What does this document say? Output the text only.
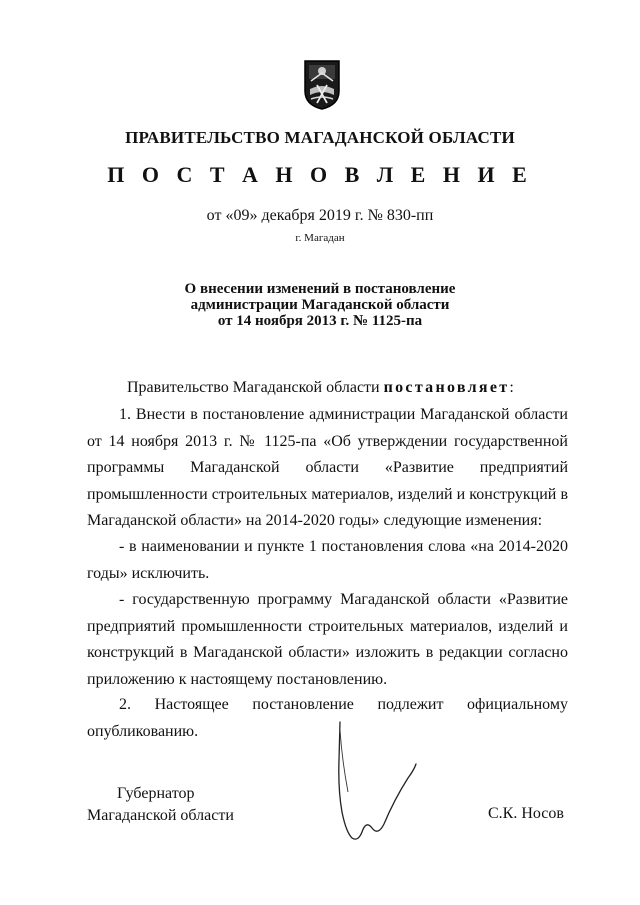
ПРАВИТЕЛЬСТВО МАГАДАНСКОЙ ОБЛАСТИ
П О С Т А Н О В Л Е Н И Е
от «09» декабря 2019 г. № 830-пп
г. Магадан
О внесении изменений в постановление
администрации Магаданской области
от 14 ноября 2013 г. № 1125-па
Правительство Магаданской области постановляет:
1. Внести в постановление администрации Магаданской области от 14 ноября 2013 г. № 1125-па «Об утверждении государственной программы Магаданской области «Развитие предприятий промышленности строительных материалов, изделий и конструкций в Магаданской области» на 2014-2020 годы» следующие изменения:
- в наименовании и пункте 1 постановления слова «на 2014-2020 годы» исключить.
- государственную программу Магаданской области «Развитие предприятий промышленности строительных материалов, изделий и конструкций в Магаданской области» изложить в редакции согласно приложению к настоящему постановлению.
2. Настоящее постановление подлежит официальному опубликованию.
Губернатор
Магаданской области	С.К. Носов
